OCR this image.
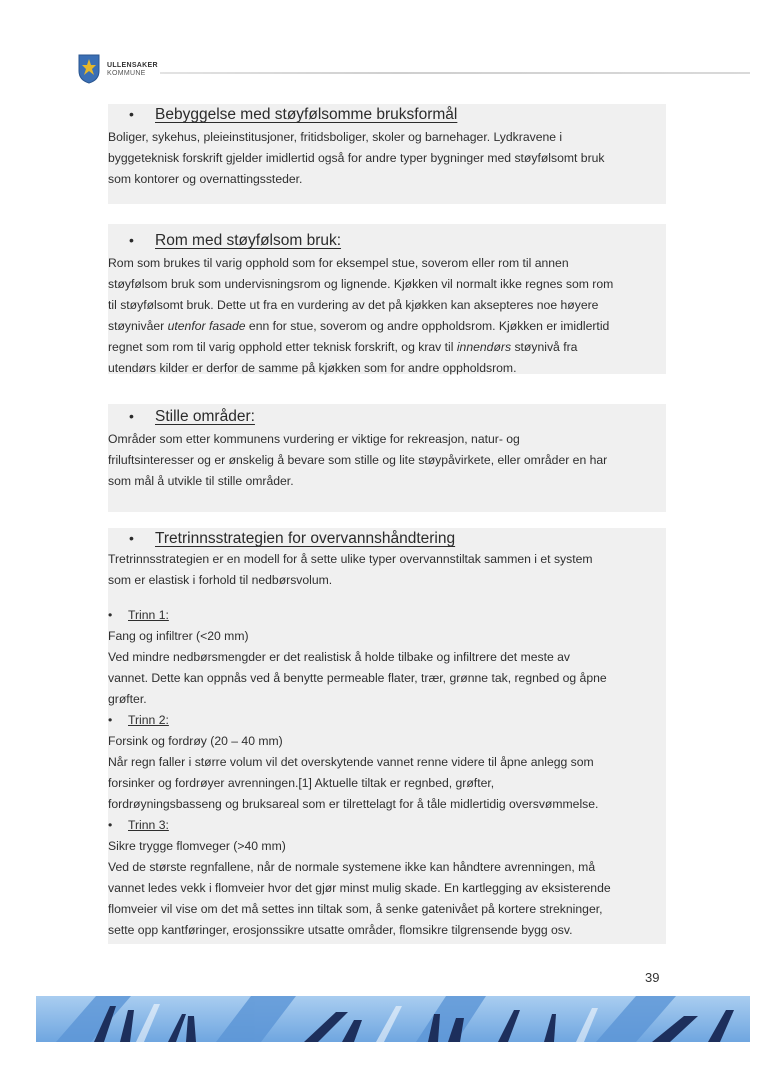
ULLENSAKER
KOMMUNE
• Bebyggelse med støyfølsomme bruksformål
Boliger, sykehus, pleieinstitusjoner, fritidsboliger, skoler og barnehager. Lydkravene i
byggeteknisk forskrift gjelder imidlertid også for andre typer bygninger med støyfølsomt bruk
som kontorer og overnattingssteder.
• Rom med støyfølsom bruk:
Rom som brukes til varig opphold som for eksempel stue, soverom eller rom til annen
støyfølsom bruk som undervisningsrom og lignende. Kjøkken vil normalt ikke regnes som rom
til støyfølsomt bruk. Dette ut fra en vurdering av det på kjøkken kan aksepteres noe høyere
støynivåer utenfor fasade enn for stue, soverom og andre oppholdsrom. Kjøkken er imidlertid
regnet som rom til varig opphold etter teknisk forskrift, og krav til innendørs støynivå fra
utendørs kilder er derfor de samme på kjøkken som for andre oppholdsrom.
• Stille områder:
Områder som etter kommunens vurdering er viktige for rekreasjon, natur- og
friluftsinteresser og er ønskelig å bevare som stille og lite støypåvirkete, eller områder en har
som mål å utvikle til stille områder.
• Tretrinnsstrategien for overvannshåndtering
Tretrinnsstrategien er en modell for å sette ulike typer overvannstiltak sammen i et system
som er elastisk i forhold til nedbørsvolum.
• Trinn 1:
Fang og infiltrer (<20 mm)
Ved mindre nedbørsmengder er det realistisk å holde tilbake og infiltrere det meste av
vannet. Dette kan oppnås ved å benytte permeable flater, trær, grønne tak, regnbed og åpne
grøfter.
• Trinn 2:
Forsink og fordrøy (20 – 40 mm)
Når regn faller i større volum vil det overskytende vannet renne videre til åpne anlegg som
forsinker og fordrøyer avrenningen.[1] Aktuelle tiltak er regnbed, grøfter,
fordrøyningsbasseng og bruksareal som er tilrettelagt for å tåle midlertidig oversvømmelse.
• Trinn 3:
Sikre trygge flomveger (>40 mm)
Ved de største regnfallene, når de normale systemene ikke kan håndtere avrenningen, må
vannet ledes vekk i flomveier hvor det gjør minst mulig skade. En kartlegging av eksisterende
flomveier vil vise om det må settes inn tiltak som, å senke gatenivået på kortere strekninger,
sette opp kantføringer, erosjonssikre utsatte områder, flomsikre tilgrensende bygg osv.
39
